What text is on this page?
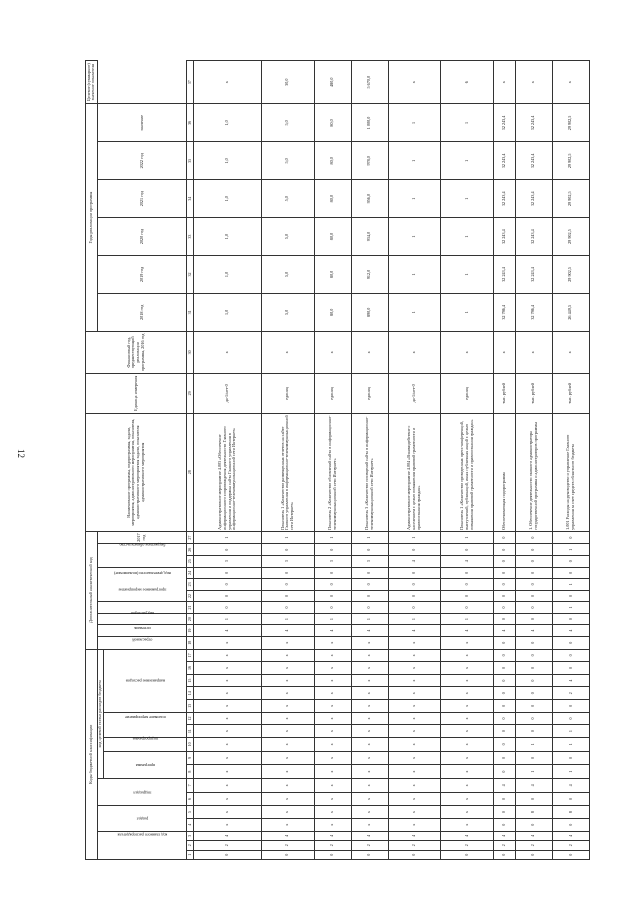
12
Коды бюджетной классификации																	Дополнительный аналитический код										Наименование программы, подпрограммы, задачи, мероприятия, административного мероприятия, показателя, административного мероприятия задачи, показателя административного мероприятия	Единица измерения	Финансовый год, предшествующий реализации программы, 2016 год	Годы реализации программы						Целевое (суммарное) значение показателя
код главного распорядителя			раздел		подраздел		код целевой статьи расходов бюджета										отраслевой	источник	вид расходов	программное мероприятие	вид деятельности (полномочие)			бюджетное обязательство		2017 год				2018 год	2019 год	2020 год	2021 год	2022 год	значение	
							программа		подпрограмма	основное мероприятие		направление расходов																								
1	2	3	4	5	6	7	8	9	10	11	12	13	14	15	16	17	18	19	20	21	22	23	24	25	26	27	28	29	30	31	32	33	34	35	36	37
0	2	4	x	x	x	x	x	x	x	x	x	x	x	x	x	x	x	4	1	0	0	0	0	3	0	1	Административное мероприятие 4.003 «Обеспечение информационного сопровождения деятельности Главного управления и поддержка сайта Главного управления в информационно-телекоммуникационной сети Интернет»	да-1/нет-0	x	1,0	1,0	1,0	1,0	1,0	1,0	x
0	2	4	x	x	x	x	x	x	x	x	x	x	x	x	x	x	x	4	1	0	0	0	0	3	0	1	Показатель 1 «Количество размещенных отчетов на сайте Главного управления в информационно-телекоммуникационной сети Интернет»	единиц	x	5,0	5,0	5,0	5,0	5,0	5,0	30,0
0	2	4	x	x	x	x	x	x	x	x	x	x	x	x	x	x	x	4	1	0	0	0	0	3	0	1	Показатель 2 «Количество обновлений сайта в информационно-телекоммуникационной сети Интернет»	единиц	x	80,0	80,0	80,0	80,0	80,0	80,0	480,0
0	2	4	x	x	x	x	x	x	x	x	x	x	x	x	x	x	x	4	1	0	0	0	0	3	0	1	Показатель 3 «Количество посещений сайта в информационно-телекоммуникационной сети Интернет»	единиц	x	890,0	912,0	934,0	956,0	978,0	1 000,0	5 670,0
0	2	4	x	x	x	x	x	x	x	x	x	x	x	x	x	x	x	4	1	0	0	0	0	4	0	1	Административное мероприятие 4.004 «Взаимодействие с населением с целью повышения правовой грамотности и правосознания граждан»	да-1/нет-0	x	1	1	1	1	1	1	x
0	2	4	x	x	x	x	x	x	x	x	x	x	x	x	x	x	x	4	1	0	0	0	0	4	0	1	Показатель 1 «Количество проведенных пресс-конференций, выступлений, публикаций, иных публичных акций с целью повышения правовой грамотности и правосознания граждан»	единиц	x	1	1	1	1	1	1	6
0	2	4	0	0	0	4	0	0	0	0	0	0	0	0	0	0	0	4	0	0	0	0	0	0	0	0	Обеспечивающая подпрограмма	тыс. рублей	x	32 786,4	32 243,4	32 243,4	32 243,4	32 243,4	32 243,4	x
0	2	4	0	8	0	4	1	0	1	0	0	0	0	0	0	0	0	4	0	0	0	0	0	0	0	0	1. Обеспечение деятельности главного администратора государственной программы и администраторов программы	тыс. рублей	x	32 786,4	32 243,4	32 243,4	32 243,4	32 243,4	32 243,4	x
0	2	4	0	8	0	4	1	0	1	1	0	0	2	4	0	0	0	4	0	1	0	1	0	0	1	0	1.001 Расходы на руководство и управление Главного управления за счет средств областного бюджета	тыс. рублей	x	26 449,5	29 902,5	29 902,5	29 902,5	29 902,5	29 902,5	x
